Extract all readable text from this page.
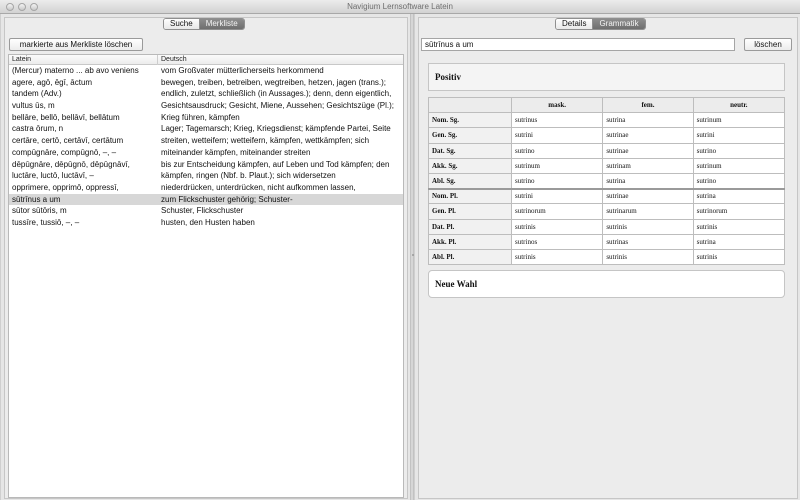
Navigium Lernsoftware Latein
Suche	Merkliste
markierte aus Merkliste löschen
Latein	Deutsch
(Mercur) materno ... ab avo veniens	vom Großvater mütterlicherseits herkommend
agere, agō, ēgī, āctum	bewegen, treiben, betreiben, wegtreiben, hetzen, jagen (trans.);
tandem (Adv.)	endlich, zuletzt, schließlich (in Aussages.); denn, denn eigentlich,
vultus ūs, m	Gesichtsausdruck; Gesicht, Miene, Aussehen; Gesichtszüge (Pl.);
bellāre, bellō, bellāvī, bellātum	Krieg führen, kämpfen
castra ōrum, n	Lager; Tagemarsch; Krieg, Kriegsdienst; kämpfende Partei, Seite
certāre, certō, certāvī, certātum	streiten, wetteifern; wetteifern, kämpfen, wettkämpfen; sich
compūgnāre, compūgnō, –, –	miteinander kämpfen, miteinander streiten
dēpūgnāre, dēpūgnō, dēpūgnāvī,	bis zur Entscheidung kämpfen, auf Leben und Tod kämpfen; den
luctāre, luctō, luctāvī, –	kämpfen, ringen (Nbf. b. Plaut.); sich widersetzen
opprimere, opprimō, oppressī,	niederdrücken, unterdrücken, nicht aufkommen lassen,
sūtrīnus a um	zum Flickschuster gehörig; Schuster-
sūtor sūtōris, m	Schuster, Flickschuster
tussīre, tussiō, –, –	husten, den Husten haben
Details	Grammatik
sūtrīnus a um	löschen
Positiv
	mask.	fem.	neutr.
Nom. Sg.	sutrinus	sutrina	sutrinum
Gen. Sg.	sutrini	sutrinae	sutrini
Dat. Sg.	sutrino	sutrinae	sutrino
Akk. Sg.	sutrinum	sutrinam	sutrinum
Abl. Sg.	sutrino	sutrina	sutrino
Nom. Pl.	sutrini	sutrinae	sutrina
Gen. Pl.	sutrinorum	sutrinarum	sutrinorum
Dat. Pl.	sutrinis	sutrinis	sutrinis
Akk. Pl.	sutrinos	sutrinas	sutrina
Abl. Pl.	sutrinis	sutrinis	sutrinis
Neue Wahl
